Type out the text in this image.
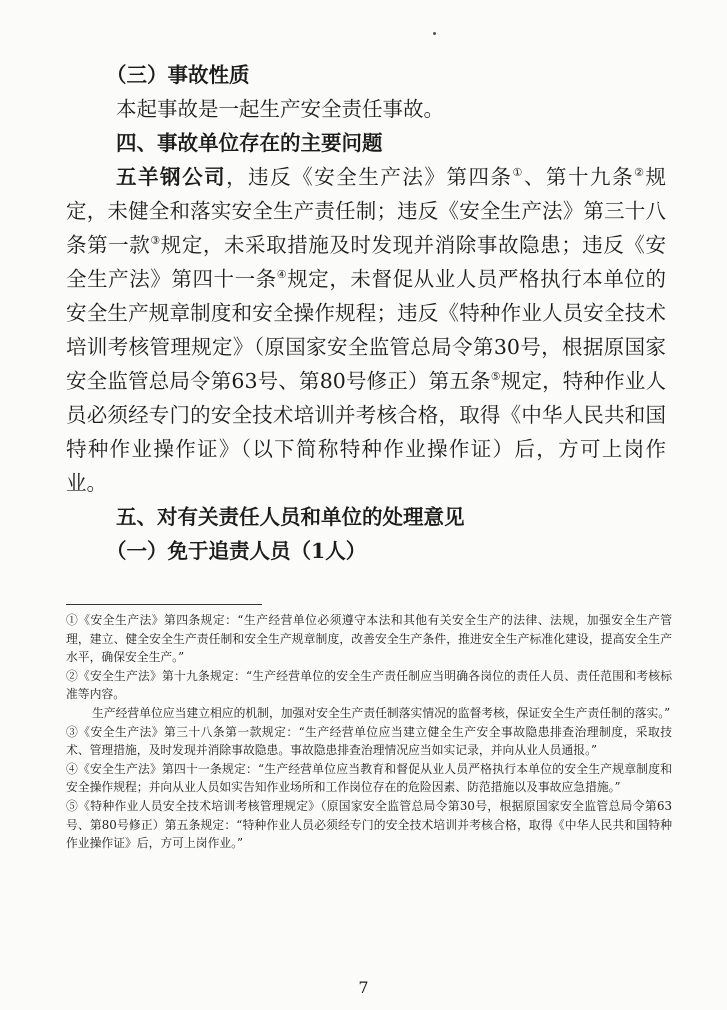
（三）事故性质
本起事故是一起生产安全责任事故。
四、事故单位存在的主要问题
五羊钢公司，违反《安全生产法》第四条①、第十九条②规定，未健全和落实安全生产责任制；违反《安全生产法》第三十八条第一款③规定，未采取措施及时发现并消除事故隐患；违反《安全生产法》第四十一条④规定，未督促从业人员严格执行本单位的安全生产规章制度和安全操作规程；违反《特种作业人员安全技术培训考核管理规定》（原国家安全监管总局令第30号，根据原国家安全监管总局令第63号、第80号修正）第五条⑤规定，特种作业人员必须经专门的安全技术培训并考核合格，取得《中华人民共和国特种作业操作证》（以下简称特种作业操作证）后，方可上岗作业。
五、对有关责任人员和单位的处理意见
（一）免于追责人员（1人）

①《安全生产法》第四条规定：“生产经营单位必须遵守本法和其他有关安全生产的法律、法规，加强安全生产管理，建立、健全安全生产责任制和安全生产规章制度，改善安全生产条件，推进安全生产标准化建设，提高安全生产水平，确保安全生产。”

②《安全生产法》第十九条规定：“生产经营单位的安全生产责任制应当明确各岗位的责任人员、责任范围和考核标准等内容。

生产经营单位应当建立相应的机制，加强对安全生产责任制落实情况的监督考核，保证安全生产责任制的落实。”

③《安全生产法》第三十八条第一款规定：“生产经营单位应当建立健全生产安全事故隐患排查治理制度，采取技术、管理措施，及时发现并消除事故隐患。事故隐患排查治理情况应当如实记录，并向从业人员通报。”

④《安全生产法》第四十一条规定：“生产经营单位应当教育和督促从业人员严格执行本单位的安全生产规章制度和安全操作规程；并向从业人员如实告知作业场所和工作岗位存在的危险因素、防范措施以及事故应急措施。”

⑤《特种作业人员安全技术培训考核管理规定》（原国家安全监管总局令第30号，根据原国家安全监管总局令第63号、第80号修正）第五条规定：“特种作业人员必须经专门的安全技术培训并考核合格，取得《中华人民共和国特种作业操作证》后，方可上岗作业。”

7
